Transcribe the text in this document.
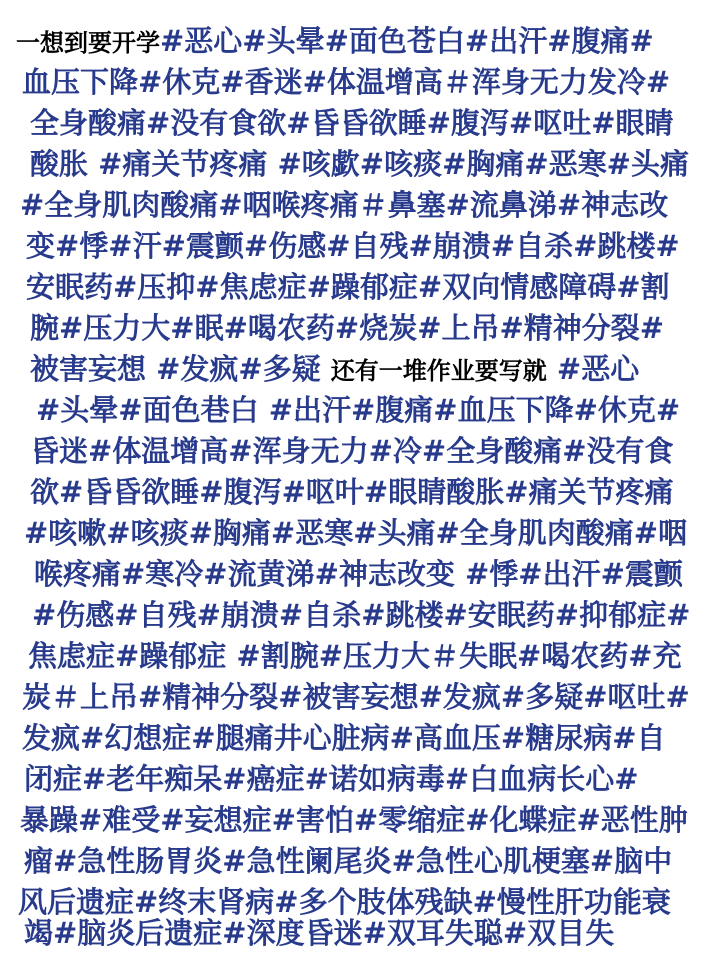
一想到要开学#恶心#头晕#面色苍白#出汗#腹痛#
血压下降#休克#香迷#体温增高＃浑身无力发冷#
全身酸痛#没有食欲#昏昏欲睡#腹泻#呕吐#眼睛
酸胀 #痛关节疼痛 #咳歔#咳痰#胸痛#恶寒#头痛
#全身肌肉酸痛#咽喉疼痛＃鼻塞#流鼻涕#神志改
变#悸#汗#震颤#伤感#自残#崩溃#自杀#跳楼#
安眠药#压抑#焦虑症#躁郁症#双向情感障碍#割
腕#压力大#眠#喝农药#烧炭#上吊#精神分裂#
被害妄想 #发疯#多疑 还有一堆作业要写就 #恶心
#头晕#面色巷白 #出汗#腹痛#血压下降#休克#
昏迷#体温增高#浑身无力#冷#全身酸痛#没有食
欲#昏昏欲睡#腹泻#呕叶#眼睛酸胀#痛关节疼痛
#咳嗽#咳痰#胸痛#恶寒#头痛#全身肌肉酸痛#咽
喉疼痛#寒冷#流黄涕#神志改变 #悸#出汗#震颤
#伤感#自残#崩溃#自杀#跳楼#安眠药#抑郁症#
焦虑症#躁郁症 #割腕#压力大＃失眠#喝农药#充
炭＃上吊#精神分裂#被害妄想#发疯#多疑#呕吐#
发疯#幻想症#腿痛井心脏病#高血压#糖尿病#自
闭症#老年痴呆#癌症#诺如病毒#白血病长心#
暴躁#难受#妄想症#害怕#零缩症#化蝶症#恶性肿
瘤#急性肠胃炎#急性阑尾炎#急性心肌梗塞#脑中
风后遗症#终末肾病#多个肢体残缺#慢性肝功能衰
竭#脑炎后遗症#深度昏迷#双耳失聪#双目失
